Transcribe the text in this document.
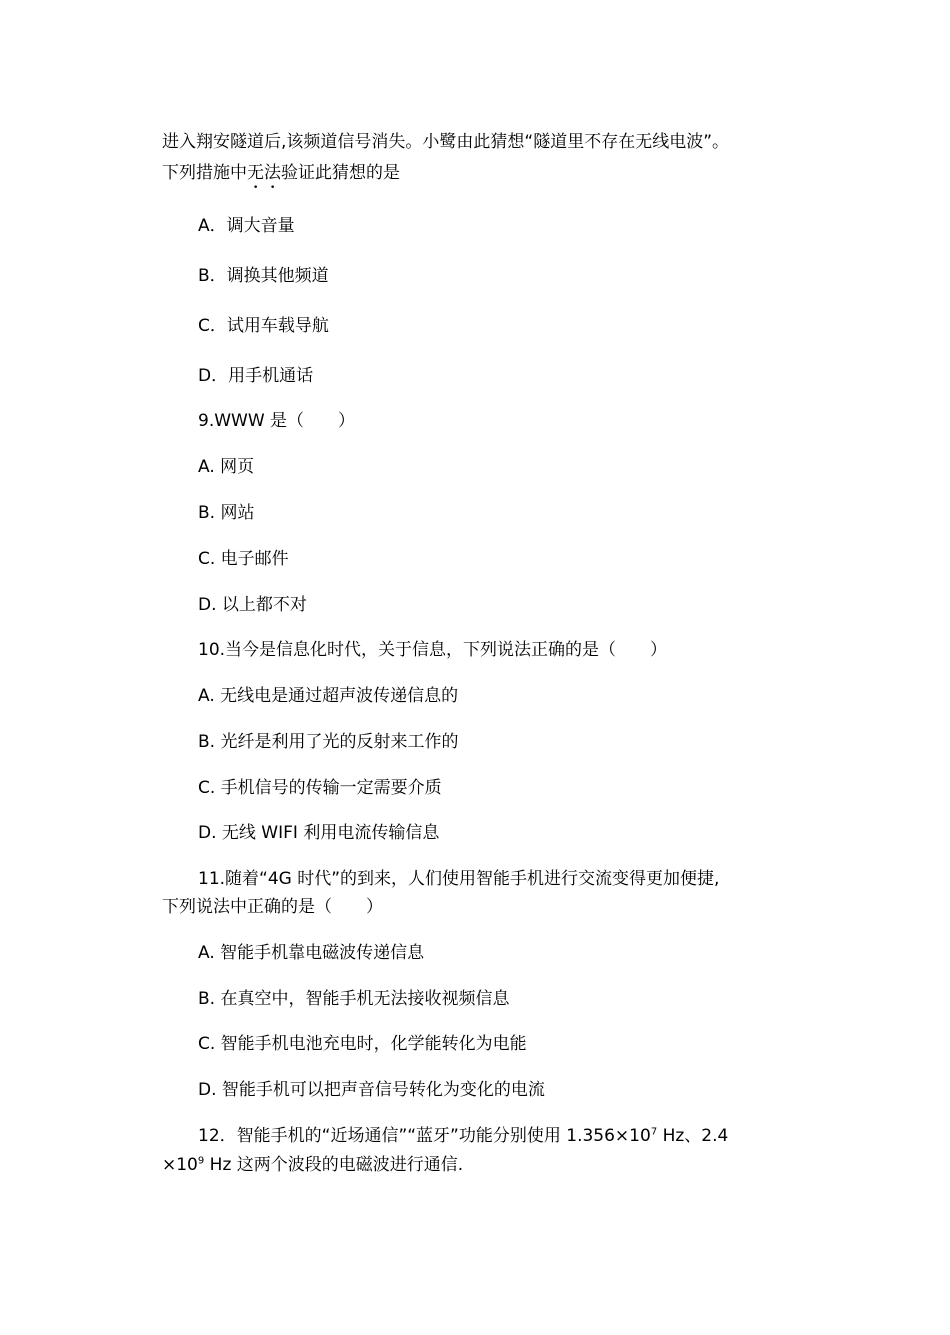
进入翔安隧道后,该频道信号消失。小鹭由此猜想“隧道里不存在无线电波”。

下列措施中无法验证此猜想的是

A．调大音量

B．调换其他频道

C．试用车载导航

D．用手机通话

9.WWW 是（　　）

A. 网页

B. 网站

C. 电子邮件

D. 以上都不对

10.当今是信息化时代，关于信息，下列说法正确的是（　　）

A. 无线电是通过超声波传递信息的

B. 光纤是利用了光的反射来工作的

C. 手机信号的传输一定需要介质

D. 无线 WIFI 利用电流传输信息

11.随着“4G 时代”的到来，人们使用智能手机进行交流变得更加便捷,

下列说法中正确的是（　　）

A. 智能手机靠电磁波传递信息

B. 在真空中，智能手机无法接收视频信息

C. 智能手机电池充电时，化学能转化为电能

D. 智能手机可以把声音信号转化为变化的电流

12．智能手机的“近场通信”“蓝牙”功能分别使用 $1.356\times 10^7$ Hz、2.4

$\times 10^9$ Hz 这两个波段的电磁波进行通信.
